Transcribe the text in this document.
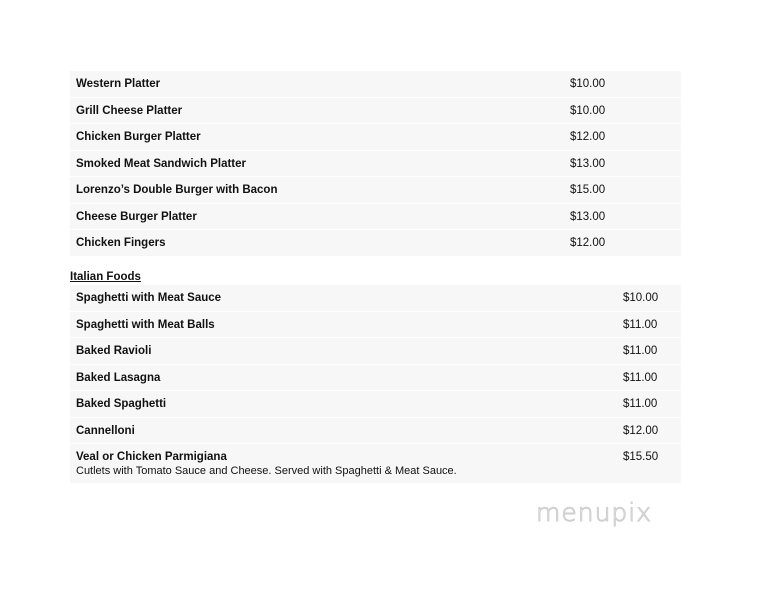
Western Platter	$10.00
Grill Cheese Platter	$10.00
Chicken Burger Platter	$12.00
Smoked Meat Sandwich Platter	$13.00
Lorenzo’s Double Burger with Bacon	$15.00
Cheese Burger Platter	$13.00
Chicken Fingers	$12.00
Italian Foods
Spaghetti with Meat Sauce	$10.00
Spaghetti with Meat Balls	$11.00
Baked Ravioli	$11.00
Baked Lasagna	$11.00
Baked Spaghetti	$11.00
Cannelloni	$12.00
Veal or Chicken Parmigiana	$15.50
Cutlets with Tomato Sauce and Cheese. Served with Spaghetti & Meat Sauce.
menupix
